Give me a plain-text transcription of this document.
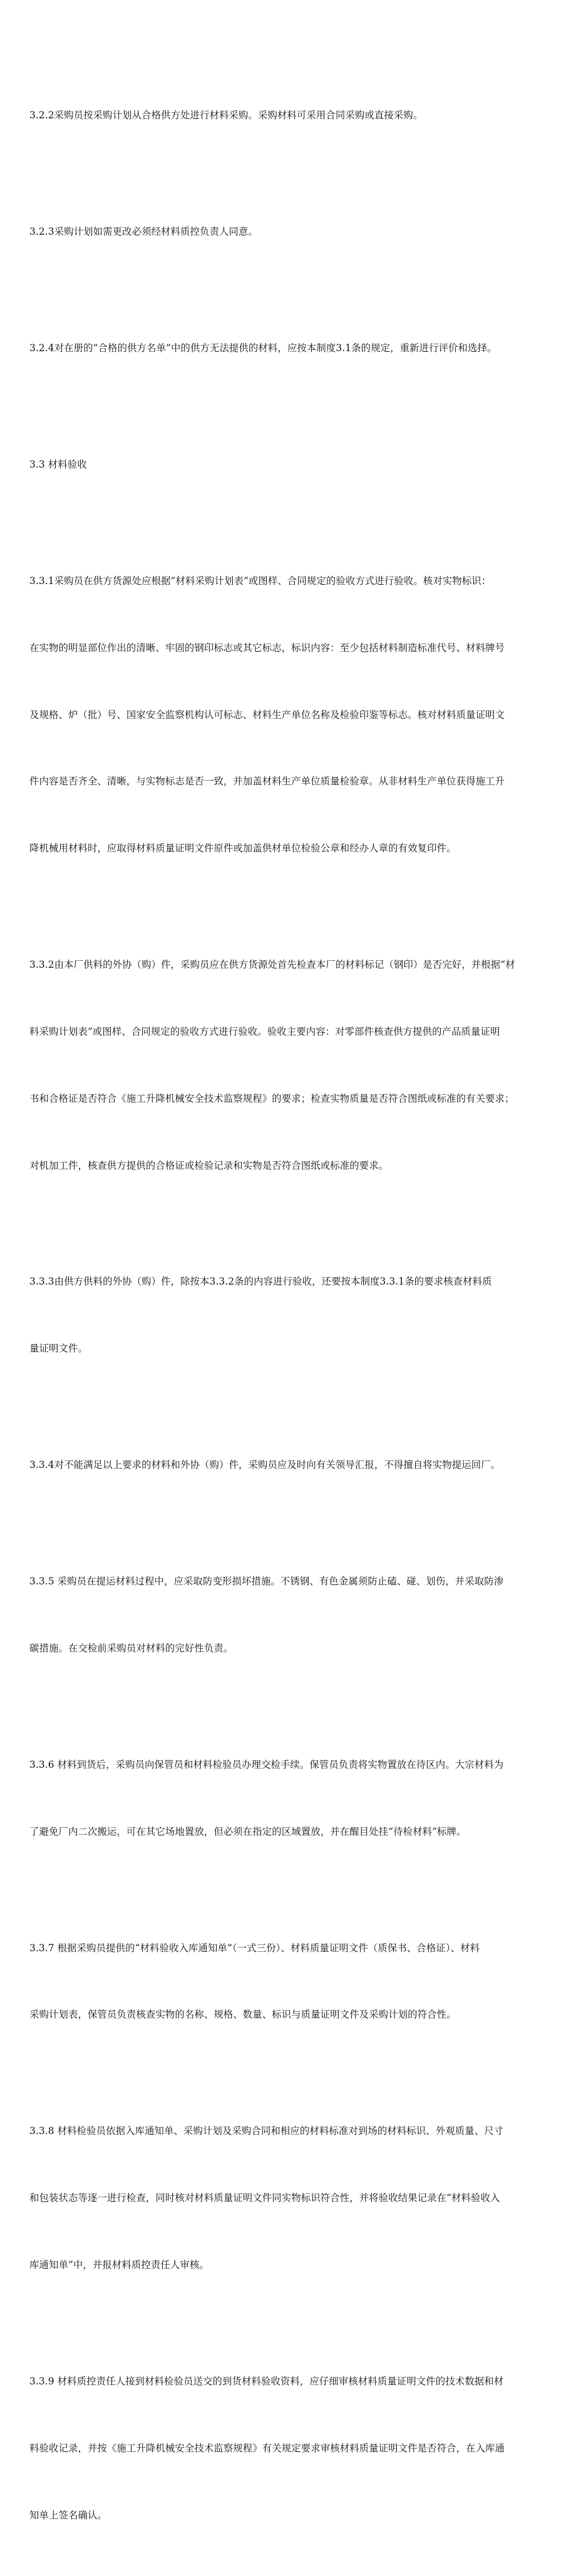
3.2.2采购员按采购计划从合格供方处进行材料采购。采购材料可采用合同采购或直接采购。

3.2.3采购计划如需更改必须经材料质控负责人同意。

3.2.4对在册的“合格的供方名单”中的供方无法提供的材料，应按本制度3.1条的规定，重新进行评价和选择。

3.3 材料验收

3.3.1采购员在供方货源处应根据“材料采购计划表”或图样、合同规定的验收方式进行验收。核对实物标识：

在实物的明显部位作出的清晰、牢固的钢印标志或其它标志，标识内容：至少包括材料制造标准代号、材料牌号

及规格、炉（批）号、国家安全监察机构认可标志、材料生产单位名称及检验印鉴等标志。核对材料质量证明文

件内容是否齐全、清晰，与实物标志是否一致，并加盖材料生产单位质量检验章。从非材料生产单位获得施工升

降机械用材料时，应取得材料质量证明文件原件或加盖供材单位检验公章和经办人章的有效复印件。

3.3.2由本厂供料的外协（购）件，采购员应在供方货源处首先检查本厂的材料标记（钢印）是否完好，并根据“材

料采购计划表”或图样、合同规定的验收方式进行验收。验收主要内容：对零部件核查供方提供的产品质量证明

书和合格证是否符合《施工升降机械安全技术监察规程》的要求；检查实物质量是否符合图纸或标准的有关要求；

对机加工件，核查供方提供的合格证或检验记录和实物是否符合图纸或标准的要求。

3.3.3由供方供料的外协（购）件，除按本3.3.2条的内容进行验收，还要按本制度3.3.1条的要求核查材料质

量证明文件。

3.3.4对不能满足以上要求的材料和外协（购）件，采购员应及时向有关领导汇报，不得擅自将实物提运回厂。

3.3.5 采购员在提运材料过程中，应采取防变形损坏措施。不锈钢、有色金属须防止磕、碰、划伤，并采取防渗

碳措施。在交检前采购员对材料的完好性负责。

3.3.6 材料到货后，采购员向保管员和材料检验员办理交检手续。保管员负责将实物置放在待区内。大宗材料为

了避免厂内二次搬运，可在其它场地置放，但必须在指定的区域置放，并在醒目处挂“待检材料”标牌。

3.3.7 根据采购员提供的“材料验收入库通知单”（一式三份）、材料质量证明文件（质保书、合格证）、材料

采购计划表，保管员负责核查实物的名称、规格、数量、标识与质量证明文件及采购计划的符合性。

3.3.8 材料检验员依据入库通知单、采购计划及采购合同和相应的材料标准对到场的材料标识、外观质量、尺寸

和包装状态等逐一进行检查，同时核对材料质量证明文件同实物标识符合性，并将验收结果记录在“材料验收入

库通知单”中，并报材料质控责任人审核。

3.3.9 材料质控责任人接到材料检验员送交的到货材料验收资料，应仔细审核材料质量证明文件的技术数据和材

料验收记录，并按《施工升降机械安全技术监察规程》有关规定要求审核材料质量证明文件是否符合，在入库通

知单上签名确认。
